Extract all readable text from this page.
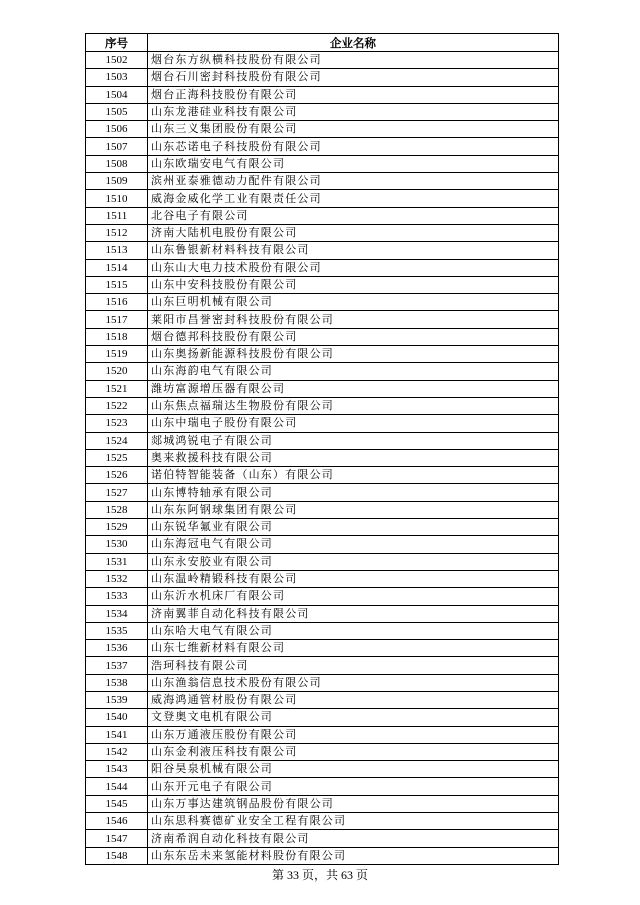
序号	企业名称
1502	烟台东方纵横科技股份有限公司
1503	烟台石川密封科技股份有限公司
1504	烟台正海科技股份有限公司
1505	山东龙港硅业科技有限公司
1506	山东三义集团股份有限公司
1507	山东芯诺电子科技股份有限公司
1508	山东欧瑞安电气有限公司
1509	滨州亚泰雅德动力配件有限公司
1510	威海金威化学工业有限责任公司
1511	北谷电子有限公司
1512	济南大陆机电股份有限公司
1513	山东鲁银新材料科技有限公司
1514	山东山大电力技术股份有限公司
1515	山东中安科技股份有限公司
1516	山东巨明机械有限公司
1517	莱阳市昌誉密封科技股份有限公司
1518	烟台德邦科技股份有限公司
1519	山东奥扬新能源科技股份有限公司
1520	山东海韵电气有限公司
1521	潍坊富源增压器有限公司
1522	山东焦点福瑞达生物股份有限公司
1523	山东中瑞电子股份有限公司
1524	郯城鸿锐电子有限公司
1525	奥来救援科技有限公司
1526	诺伯特智能装备（山东）有限公司
1527	山东博特轴承有限公司
1528	山东东阿钢球集团有限公司
1529	山东锐华氟业有限公司
1530	山东海冠电气有限公司
1531	山东永安胶业有限公司
1532	山东温岭精锻科技有限公司
1533	山东沂水机床厂有限公司
1534	济南翼菲自动化科技有限公司
1535	山东哈大电气有限公司
1536	山东七维新材料有限公司
1537	浩珂科技有限公司
1538	山东渔翁信息技术股份有限公司
1539	威海鸿通管材股份有限公司
1540	文登奥文电机有限公司
1541	山东万通液压股份有限公司
1542	山东金利液压科技有限公司
1543	阳谷昊泉机械有限公司
1544	山东开元电子有限公司
1545	山东万事达建筑钢品股份有限公司
1546	山东思科赛德矿业安全工程有限公司
1547	济南希润自动化科技有限公司
1548	山东东岳未来氢能材料股份有限公司
第 33 页，共 63 页
